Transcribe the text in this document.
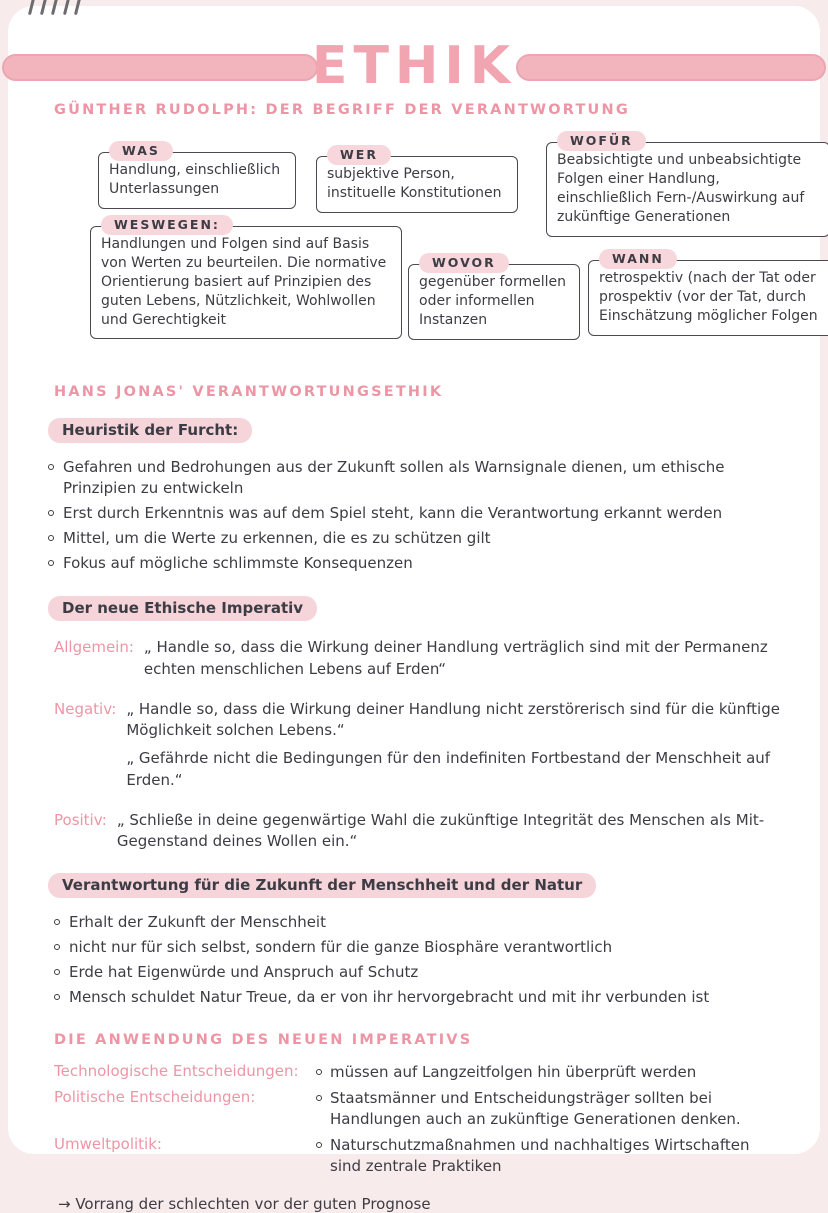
ETHIK
GÜNTHER RUDOLPH: DER BEGRIFF DER VERANTWORTUNG
WAS
Handlung, einschließlich Unterlassungen
WER
subjektive Person, instituelle Konstitutionen
WOFÜR
Beabsichtigte und unbeabsichtigte Folgen einer Handlung, einschließlich Fern-/Auswirkung auf zukünftige Generationen
WESWEGEN:
Handlungen und Folgen sind auf Basis von Werten zu beurteilen. Die normative Orientierung basiert auf Prinzipien des guten Lebens, Nützlichkeit, Wohlwollen und Gerechtigkeit
WOVOR
gegenüber formellen oder informellen Instanzen
WANN
retrospektiv (nach der Tat oder prospektiv (vor der Tat, durch Einschätzung möglicher Folgen
HANS JONAS' VERANTWORTUNGSETHIK
Heuristik der Furcht:
Gefahren und Bedrohungen aus der Zukunft sollen als Warnsignale dienen, um ethische Prinzipien zu entwickeln
Erst durch Erkenntnis was auf dem Spiel steht, kann die Verantwortung erkannt werden
Mittel, um die Werte zu erkennen, die es zu schützen gilt
Fokus auf mögliche schlimmste Konsequenzen
Der neue Ethische Imperativ
Allgemein: „ Handle so, dass die Wirkung deiner Handlung verträglich sind mit der Permanenz echten menschlichen Lebens auf Erden“
Negativ: „ Handle so, dass die Wirkung deiner Handlung nicht zerstörerisch sind für die künftige Möglichkeit solchen Lebens.“
„ Gefährde nicht die Bedingungen für den indefiniten Fortbestand der Menschheit auf Erden.“
Positiv: „ Schließe in deine gegenwärtige Wahl die zukünftige Integrität des Menschen als Mit-Gegenstand deines Wollen ein.“
Verantwortung für die Zukunft der Menschheit und der Natur
Erhalt der Zukunft der Menschheit
nicht nur für sich selbst, sondern für die ganze Biosphäre verantwortlich
Erde hat Eigenwürde und Anspruch auf Schutz
Mensch schuldet Natur Treue, da er von ihr hervorgebracht und mit ihr verbunden ist
DIE ANWENDUNG DES NEUEN IMPERATIVS
Technologische Entscheidungen:	müssen auf Langzeitfolgen hin überprüft werden
Politische Entscheidungen:	Staatsmänner und Entscheidungsträger sollten bei Handlungen auch an zukünftige Generationen denken.
Umweltpolitik:	Naturschutzmaßnahmen und nachhaltiges Wirtschaften sind zentrale Praktiken
→ Vorrang der schlechten vor der guten Prognose
